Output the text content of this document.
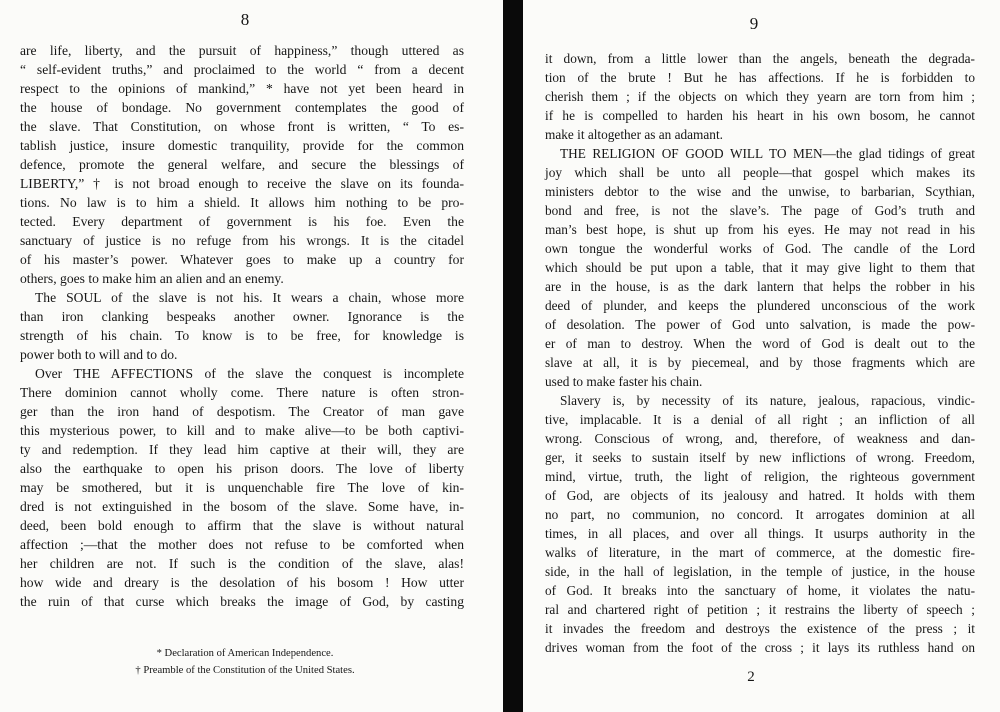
8
are life, liberty, and the pursuit of happiness,” though uttered as
“ self-evident truths,” and proclaimed to the world “ from a decent
respect to the opinions of mankind,” * have not yet been heard in
the house of bondage. No government contemplates the good of
the slave. That Constitution, on whose front is written, “ To es-
tablish justice, insure domestic tranquility, provide for the common
defence, promote the general welfare, and secure the blessings of
LIBERTY,” † is not broad enough to receive the slave on its founda-
tions. No law is to him a shield. It allows him nothing to be pro-
tected. Every department of government is his foe. Even the
sanctuary of justice is no refuge from his wrongs. It is the citadel
of his master’s power. Whatever goes to make up a country for
others, goes to make him an alien and an enemy.
The SOUL of the slave is not his. It wears a chain, whose more
than iron clanking bespeaks another owner. Ignorance is the
strength of his chain. To know is to be free, for knowledge is
power both to will and to do.
Over THE AFFECTIONS of the slave the conquest is incomplete
There dominion cannot wholly come. There nature is often stron-
ger than the iron hand of despotism. The Creator of man gave
this mysterious power, to kill and to make alive—to be both captivi-
ty and redemption. If they lead him captive at their will, they are
also the earthquake to open his prison doors. The love of liberty
may be smothered, but it is unquenchable fire The love of kin-
dred is not extinguished in the bosom of the slave. Some have, in-
deed, been bold enough to affirm that the slave is without natural
affection ;—that the mother does not refuse to be comforted when
her children are not. If such is the condition of the slave, alas!
how wide and dreary is the desolation of his bosom ! How utter
the ruin of that curse which breaks the image of God, by casting
* Declaration of American Independence.
† Preamble of the Constitution of the United States.
9
it down, from a little lower than the angels, beneath the degrada-
tion of the brute ! But he has affections. If he is forbidden to
cherish them ; if the objects on which they yearn are torn from him ;
if he is compelled to harden his heart in his own bosom, he cannot
make it altogether as an adamant.
THE RELIGION OF GOOD WILL TO MEN—the glad tidings of great
joy which shall be unto all people—that gospel which makes its
ministers debtor to the wise and the unwise, to barbarian, Scythian,
bond and free, is not the slave’s. The page of God’s truth and
man’s best hope, is shut up from his eyes. He may not read in his
own tongue the wonderful works of God. The candle of the Lord
which should be put upon a table, that it may give light to them that
are in the house, is as the dark lantern that helps the robber in his
deed of plunder, and keeps the plundered unconscious of the work
of desolation. The power of God unto salvation, is made the pow-
er of man to destroy. When the word of God is dealt out to the
slave at all, it is by piecemeal, and by those fragments which are
used to make faster his chain.
Slavery is, by necessity of its nature, jealous, rapacious, vindic-
tive, implacable. It is a denial of all right ; an infliction of all
wrong. Conscious of wrong, and, therefore, of weakness and dan-
ger, it seeks to sustain itself by new inflictions of wrong. Freedom,
mind, virtue, truth, the light of religion, the righteous government
of God, are objects of its jealousy and hatred. It holds with them
no part, no communion, no concord. It arrogates dominion at all
times, in all places, and over all things. It usurps authority in the
walks of literature, in the mart of commerce, at the domestic fire-
side, in the hall of legislation, in the temple of justice, in the house
of God. It breaks into the sanctuary of home, it violates the natu-
ral and chartered right of petition ; it restrains the liberty of speech ;
it invades the freedom and destroys the existence of the press ; it
drives woman from the foot of the cross ; it lays its ruthless hand on
2
